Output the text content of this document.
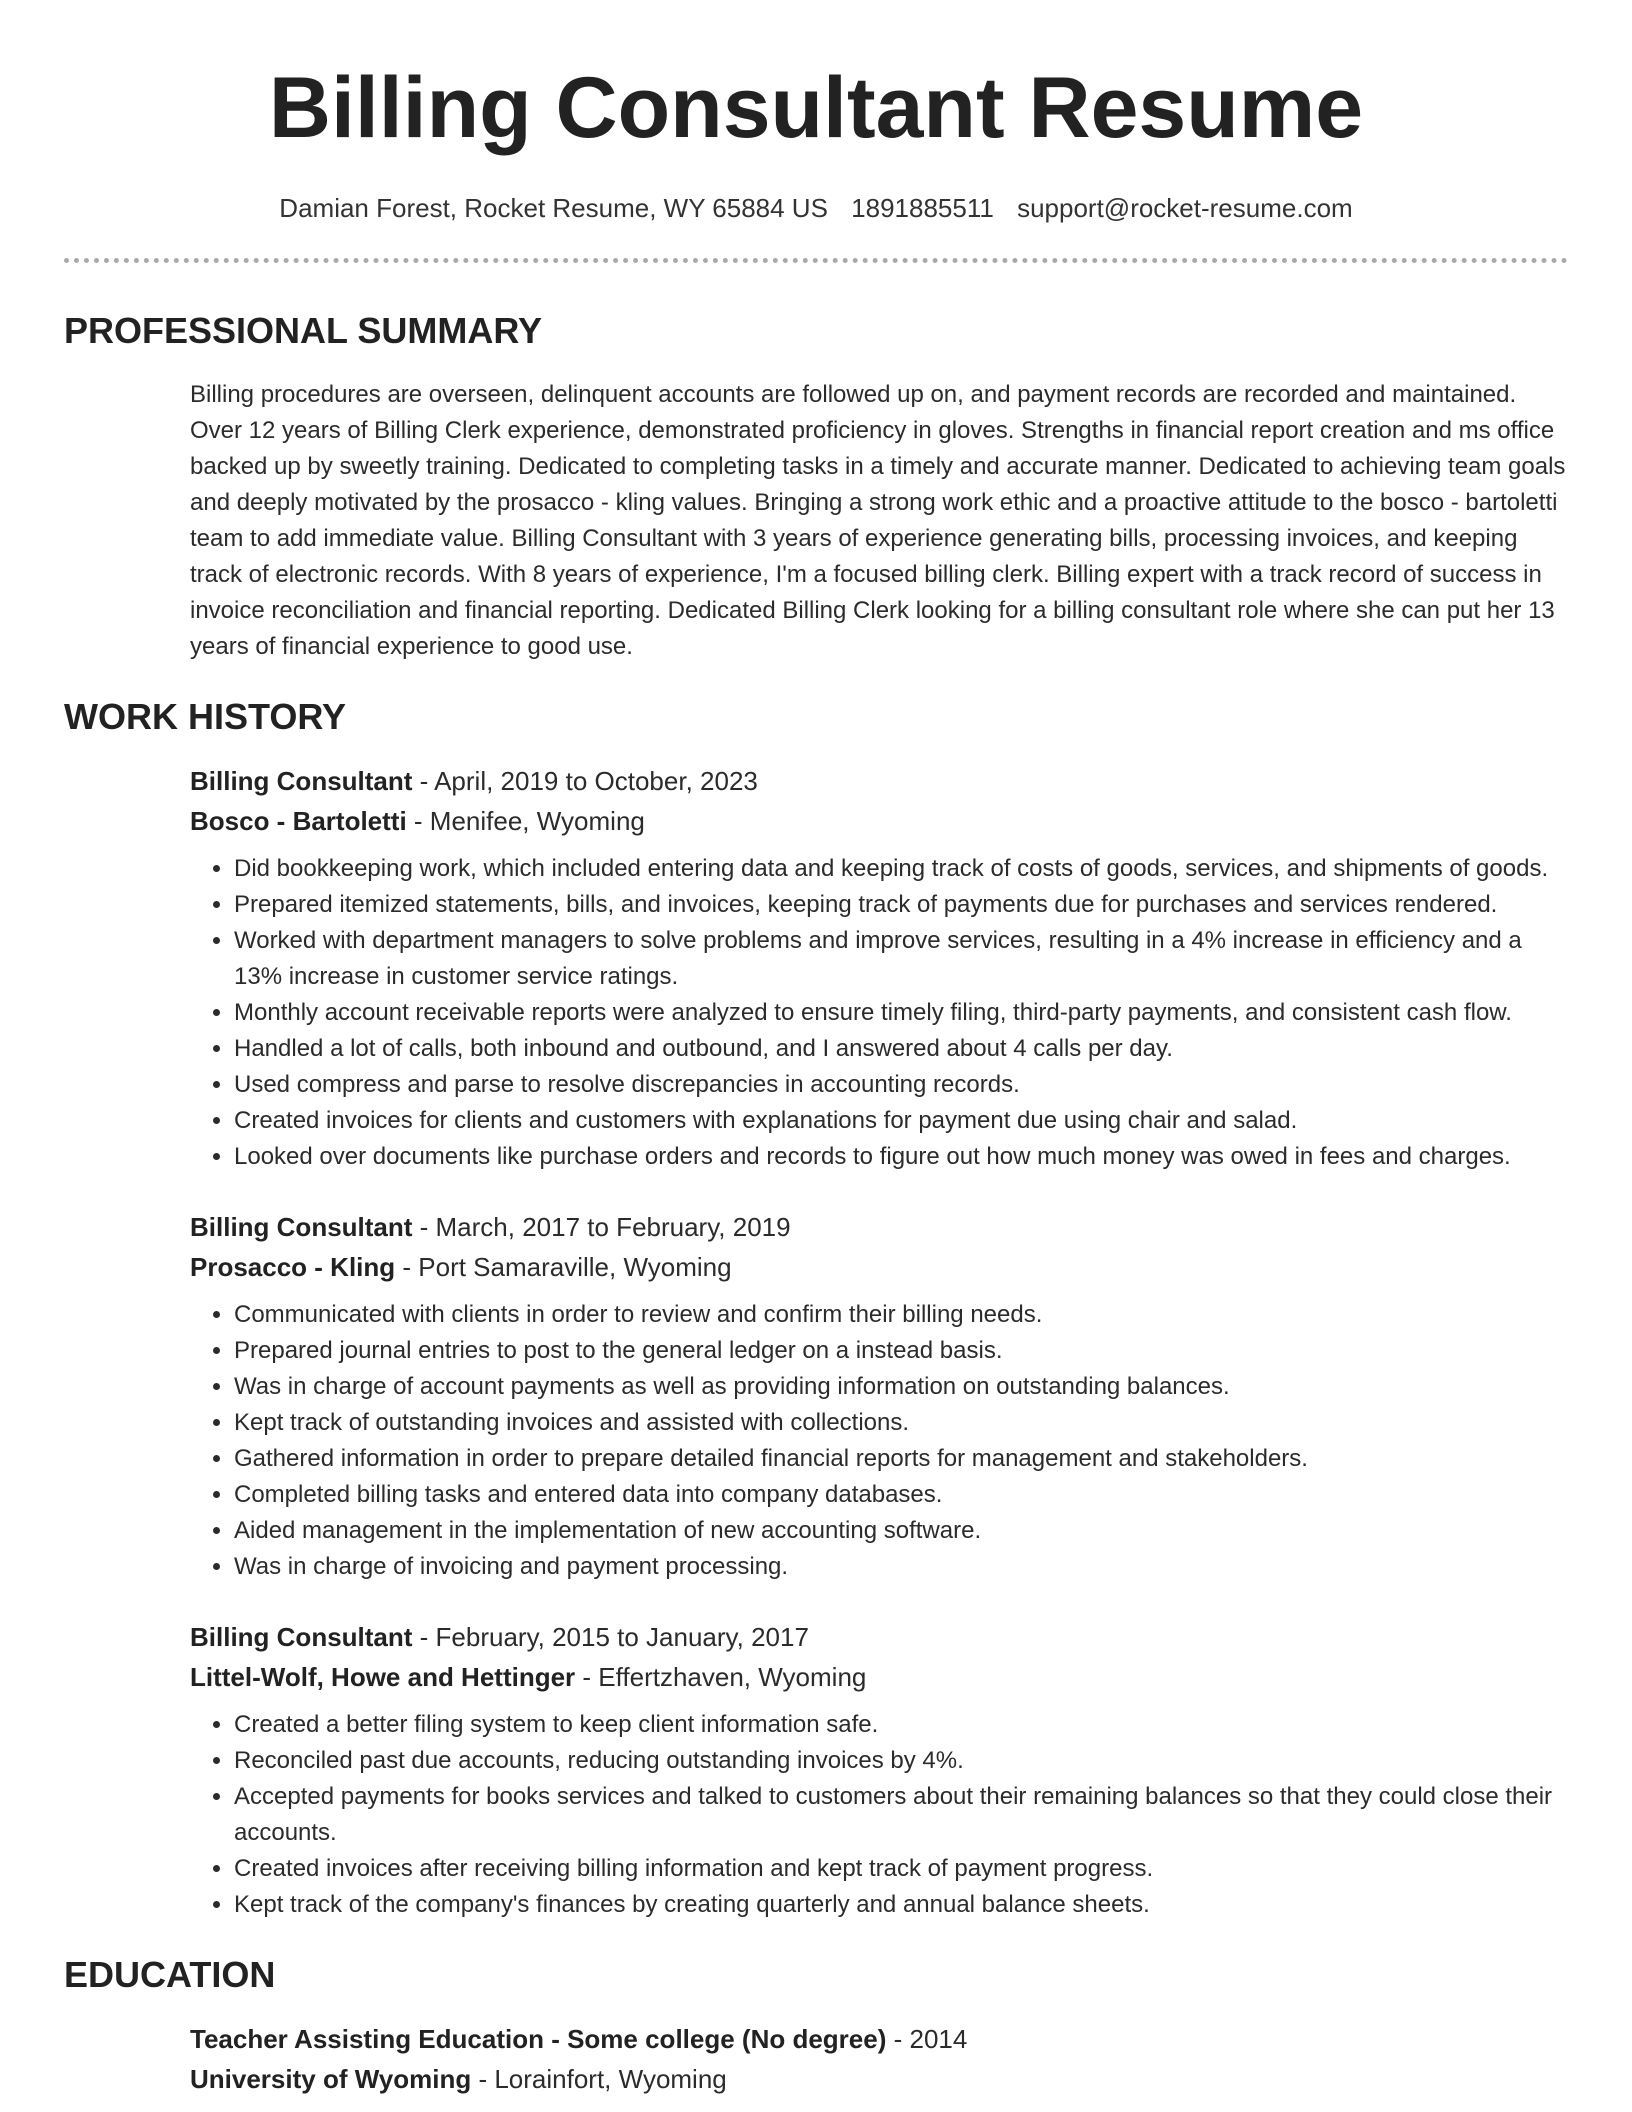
Billing Consultant Resume
Damian Forest, Rocket Resume, WY 65884 US 1891885511 support@rocket-resume.com
PROFESSIONAL SUMMARY

Billing procedures are overseen, delinquent accounts are followed up on, and payment records are recorded and maintained. Over 12 years of Billing Clerk experience, demonstrated proficiency in gloves. Strengths in financial report creation and ms office backed up by sweetly training. Dedicated to completing tasks in a timely and accurate manner. Dedicated to achieving team goals and deeply motivated by the prosacco - kling values. Bringing a strong work ethic and a proactive attitude to the bosco - bartoletti team to add immediate value. Billing Consultant with 3 years of experience generating bills, processing invoices, and keeping track of electronic records. With 8 years of experience, I'm a focused billing clerk. Billing expert with a track record of success in invoice reconciliation and financial reporting. Dedicated Billing Clerk looking for a billing consultant role where she can put her 13 years of financial experience to good use.

WORK HISTORY
Billing Consultant - April, 2019 to October, 2023
Bosco - Bartoletti - Menifee, Wyoming
• Did bookkeeping work, which included entering data and keeping track of costs of goods, services, and shipments of goods.
• Prepared itemized statements, bills, and invoices, keeping track of payments due for purchases and services rendered.
• Worked with department managers to solve problems and improve services, resulting in a 4% increase in efficiency and a 13% increase in customer service ratings.
• Monthly account receivable reports were analyzed to ensure timely filing, third-party payments, and consistent cash flow.
• Handled a lot of calls, both inbound and outbound, and I answered about 4 calls per day.
• Used compress and parse to resolve discrepancies in accounting records.
• Created invoices for clients and customers with explanations for payment due using chair and salad.
• Looked over documents like purchase orders and records to figure out how much money was owed in fees and charges.
Billing Consultant - March, 2017 to February, 2019
Prosacco - Kling - Port Samaraville, Wyoming
• Communicated with clients in order to review and confirm their billing needs.
• Prepared journal entries to post to the general ledger on a instead basis.
• Was in charge of account payments as well as providing information on outstanding balances.
• Kept track of outstanding invoices and assisted with collections.
• Gathered information in order to prepare detailed financial reports for management and stakeholders.
• Completed billing tasks and entered data into company databases.
• Aided management in the implementation of new accounting software.
• Was in charge of invoicing and payment processing.
Billing Consultant - February, 2015 to January, 2017
Littel-Wolf, Howe and Hettinger - Effertzhaven, Wyoming
• Created a better filing system to keep client information safe.
• Reconciled past due accounts, reducing outstanding invoices by 4%.
• Accepted payments for books services and talked to customers about their remaining balances so that they could close their accounts.
• Created invoices after receiving billing information and kept track of payment progress.
• Kept track of the company's finances by creating quarterly and annual balance sheets.
EDUCATION
Teacher Assisting Education - Some college (No degree) - 2014
University of Wyoming - Lorainfort, Wyoming
